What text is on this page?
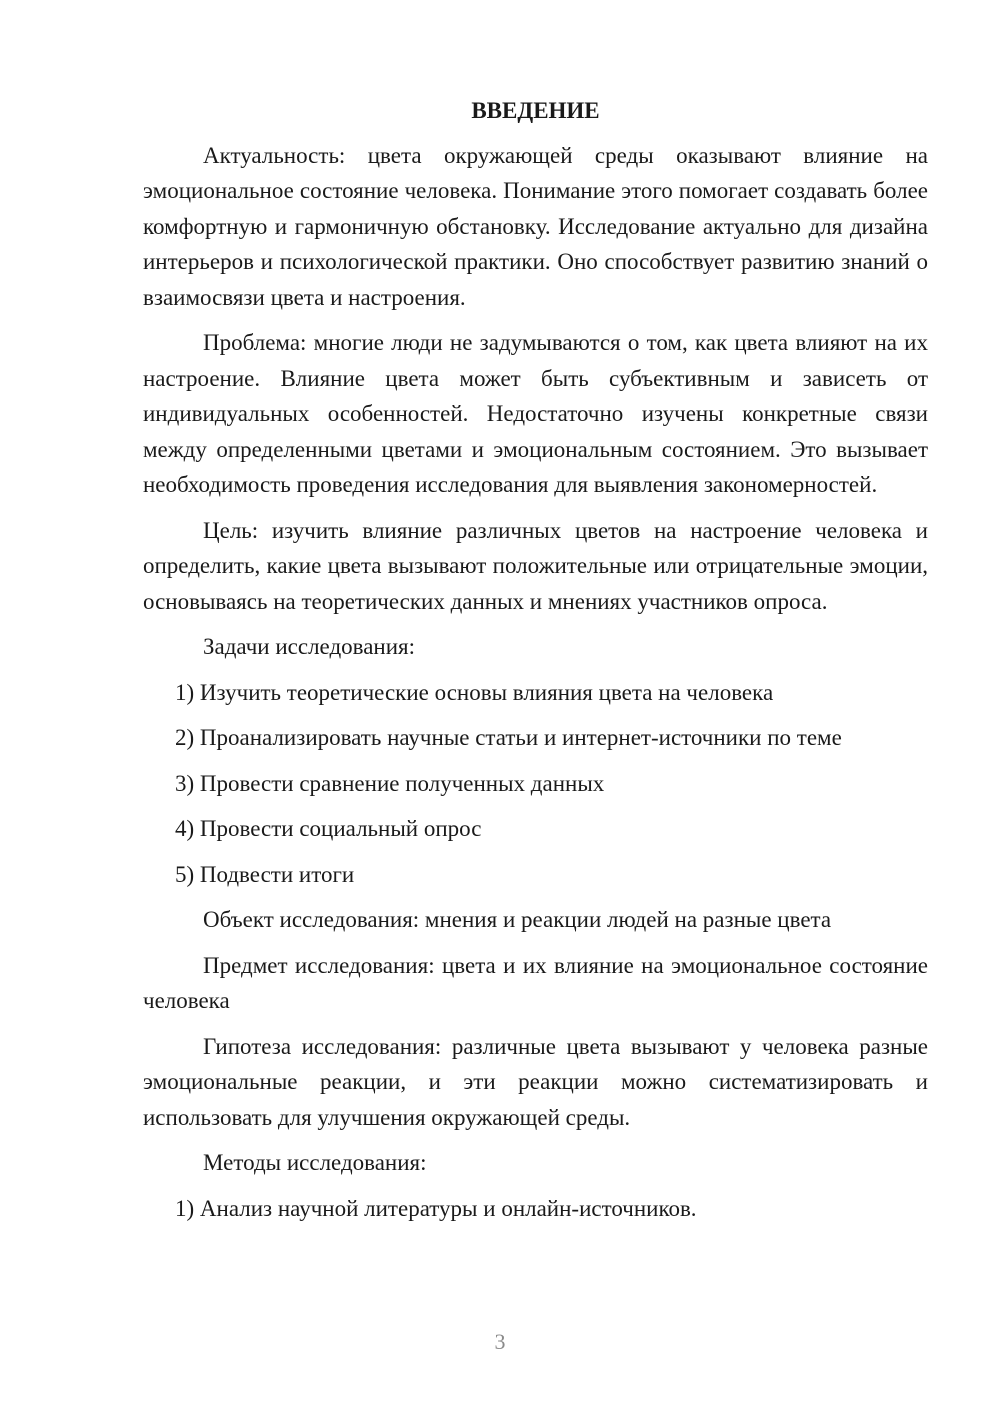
ВВЕДЕНИЕ

Актуальность: цвета окружающей среды оказывают влияние на эмоциональное состояние человека. Понимание этого помогает создавать более комфортную и гармоничную обстановку. Исследование актуально для дизайна интерьеров и психологической практики. Оно способствует развитию знаний о взаимосвязи цвета и настроения.

Проблема: многие люди не задумываются о том, как цвета влияют на их настроение. Влияние цвета может быть субъективным и зависеть от индивидуальных особенностей. Недостаточно изучены конкретные связи между определенными цветами и эмоциональным состоянием. Это вызывает необходимость проведения исследования для выявления закономерностей.

Цель: изучить влияние различных цветов на настроение человека и определить, какие цвета вызывают положительные или отрицательные эмоции, основываясь на теоретических данных и мнениях участников опроса.

Задачи исследования:

1) Изучить теоретические основы влияния цвета на человека
2) Проанализировать научные статьи и интернет-источники по теме
3) Провести сравнение полученных данных
4) Провести социальный опрос
5) Подвести итоги

Объект исследования: мнения и реакции людей на разные цвета

Предмет исследования: цвета и их влияние на эмоциональное состояние человека

Гипотеза исследования: различные цвета вызывают у человека разные эмоциональные реакции, и эти реакции можно систематизировать и использовать для улучшения окружающей среды.

Методы исследования:

1) Анализ научной литературы и онлайн-источников.
3
